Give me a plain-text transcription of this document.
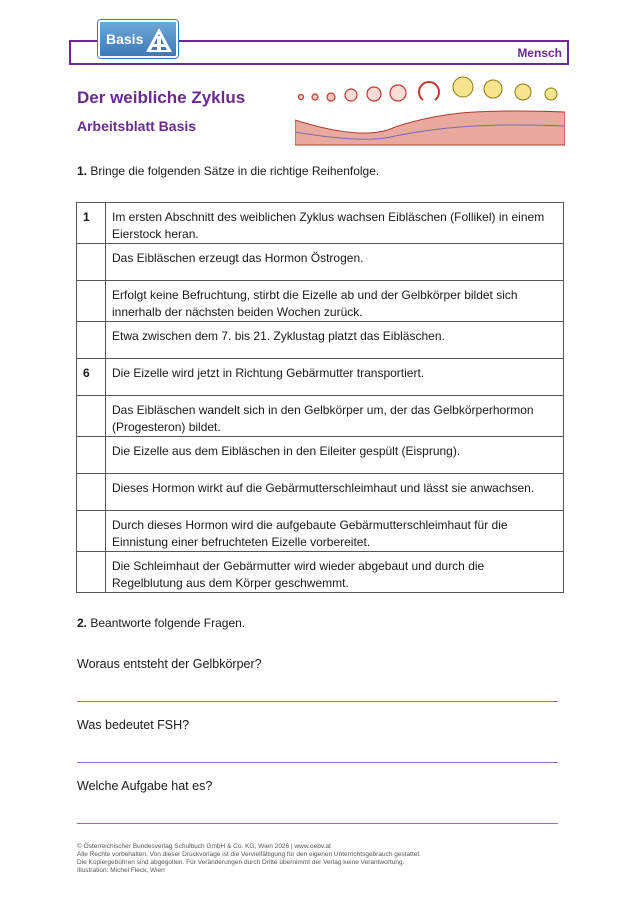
Basis
Mensch
Der weibliche Zyklus
Arbeitsblatt Basis
1. Bringe die folgenden Sätze in die richtige Reihenfolge.
1	Im ersten Abschnitt des weiblichen Zyklus wachsen Eibläschen (Follikel) in einem Eierstock heran.
	Das Eibläschen erzeugt das Hormon Östrogen.
	Erfolgt keine Befruchtung, stirbt die Eizelle ab und der Gelbkörper bildet sich innerhalb der nächsten beiden Wochen zurück.
	Etwa zwischen dem 7. bis 21. Zyklustag platzt das Eibläschen.
6	Die Eizelle wird jetzt in Richtung Gebärmutter transportiert.
	Das Eibläschen wandelt sich in den Gelbkörper um, der das Gelbkörperhormon (Progesteron) bildet.
	Die Eizelle aus dem Eibläschen in den Eileiter gespült (Eisprung).
	Dieses Hormon wirkt auf die Gebärmutterschleimhaut und lässt sie anwachsen.
	Durch dieses Hormon wird die aufgebaute Gebärmutterschleimhaut für die Einnistung einer befruchteten Eizelle vorbereitet.
	Die Schleimhaut der Gebärmutter wird wieder abgebaut und durch die Regelblutung aus dem Körper geschwemmt.
2. Beantworte folgende Fragen.
Woraus entsteht der Gelbkörper?
Was bedeutet FSH?
Welche Aufgabe hat es?
© Österreichischer Bundesverlag Schulbuch GmbH & Co. KG, Wien 2026 | www.oebv.at
Alle Rechte vorbehalten. Von dieser Druckvorlage ist die Vervielfältigung für den eigenen Unterrichtsgebrauch gestattet.
Die Kopiergebühren sind abgegolten. Für Veränderungen durch Dritte übernimmt der Verlag keine Verantwortung.
Illustration: Michel Fleck, Wien
